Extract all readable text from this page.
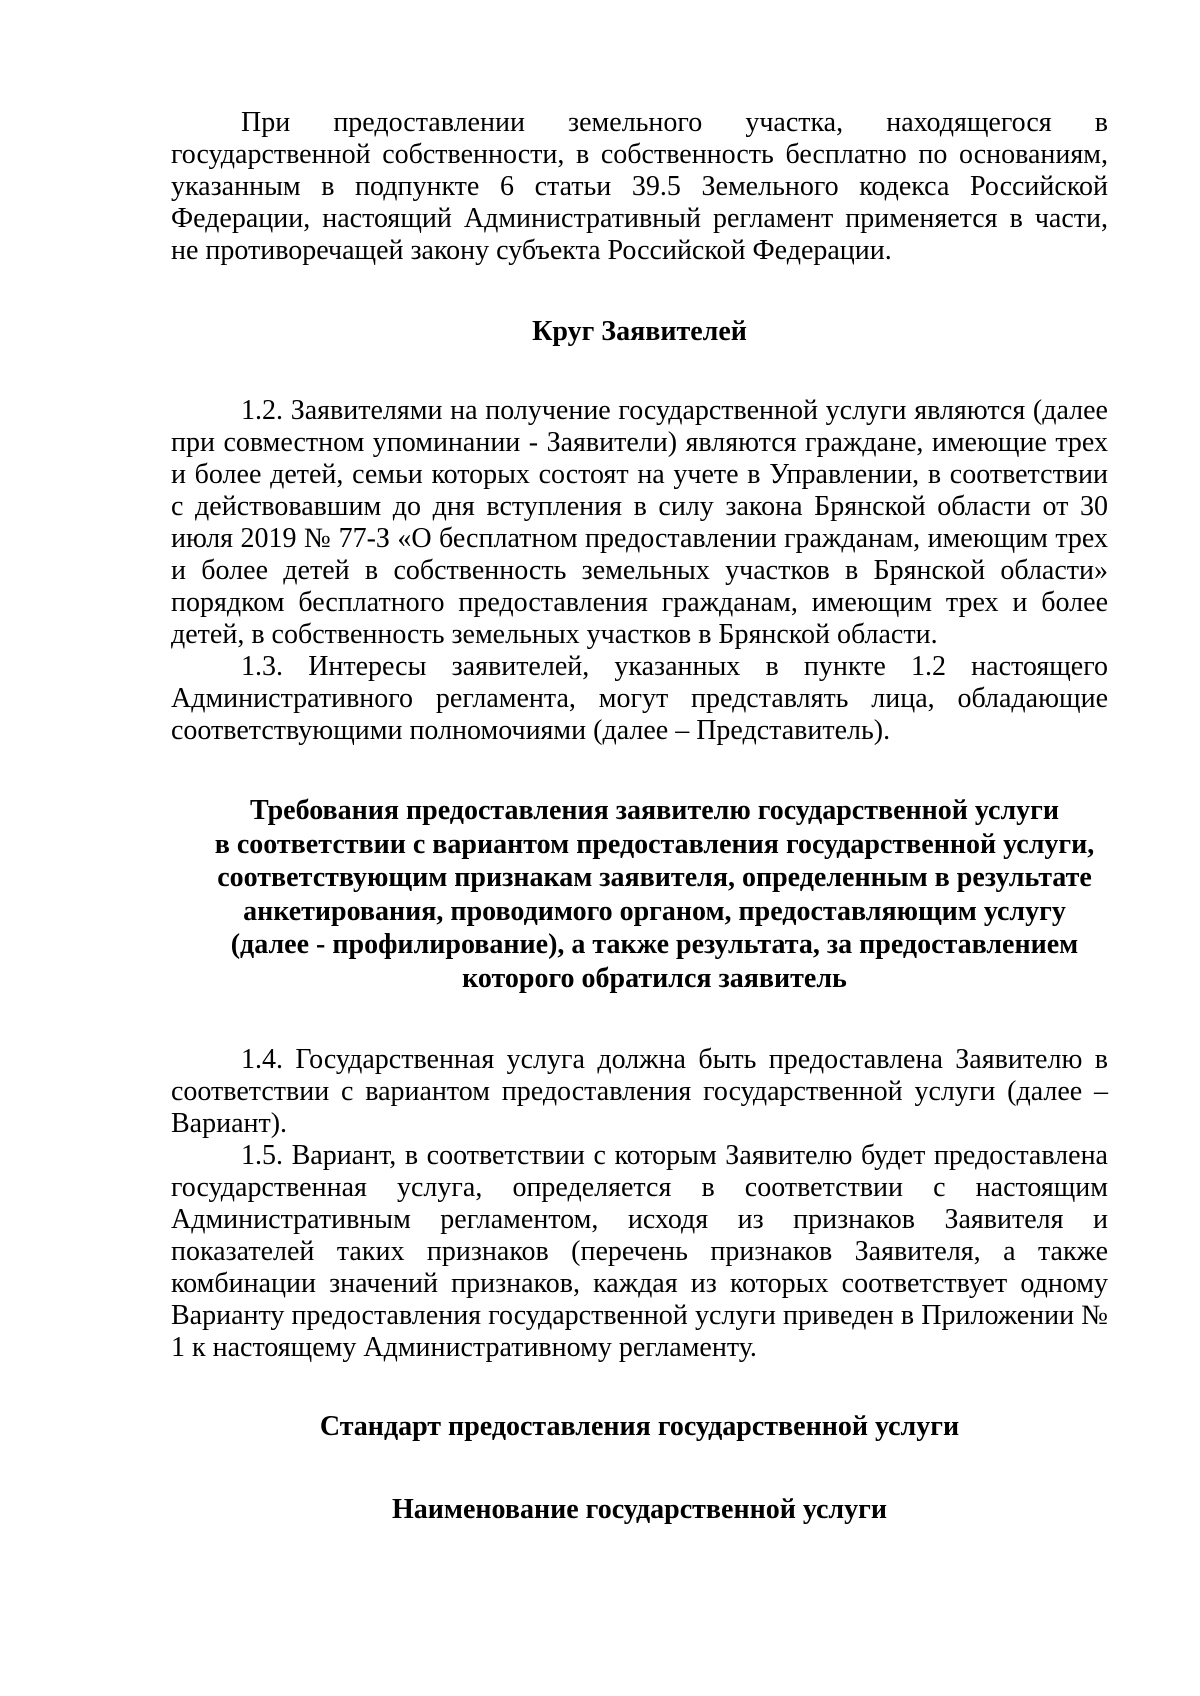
При предоставлении земельного участка, находящегося в государственной собственности, в собственность бесплатно по основаниям, указанным в подпункте 6 статьи 39.5 Земельного кодекса Российской Федерации, настоящий Административный регламент применяется в части, не противоречащей закону субъекта Российской Федерации.

Круг Заявителей

1.2. Заявителями на получение государственной услуги являются (далее при совместном упоминании - Заявители) являются граждане, имеющие трех и более детей, семьи которых состоят на учете в Управлении, в соответствии с действовавшим до дня вступления в силу закона Брянской области от 30 июля 2019 № 77-З «О бесплатном предоставлении гражданам, имеющим трех и более детей в собственность земельных участков в Брянской области» порядком бесплатного предоставления гражданам, имеющим трех и более детей, в собственность земельных участков в Брянской области.

1.3. Интересы заявителей, указанных в пункте 1.2 настоящего Административного регламента, могут представлять лица, обладающие соответствующими полномочиями (далее – Представитель).

Требования предоставления заявителю государственной услуги
в соответствии с вариантом предоставления государственной услуги,
соответствующим признакам заявителя, определенным в результате
анкетирования, проводимого органом, предоставляющим услугу
(далее - профилирование), а также результата, за предоставлением
которого обратился заявитель

1.4. Государственная услуга должна быть предоставлена Заявителю в соответствии с вариантом предоставления государственной услуги (далее – Вариант).

1.5. Вариант, в соответствии с которым Заявителю будет предоставлена государственная услуга, определяется в соответствии с настоящим Административным регламентом, исходя из признаков Заявителя и показателей таких признаков (перечень признаков Заявителя, а также комбинации значений признаков, каждая из которых соответствует одному Варианту предоставления государственной услуги приведен в Приложении № 1 к настоящему Административному регламенту.

Стандарт предоставления государственной услуги

Наименование государственной услуги
